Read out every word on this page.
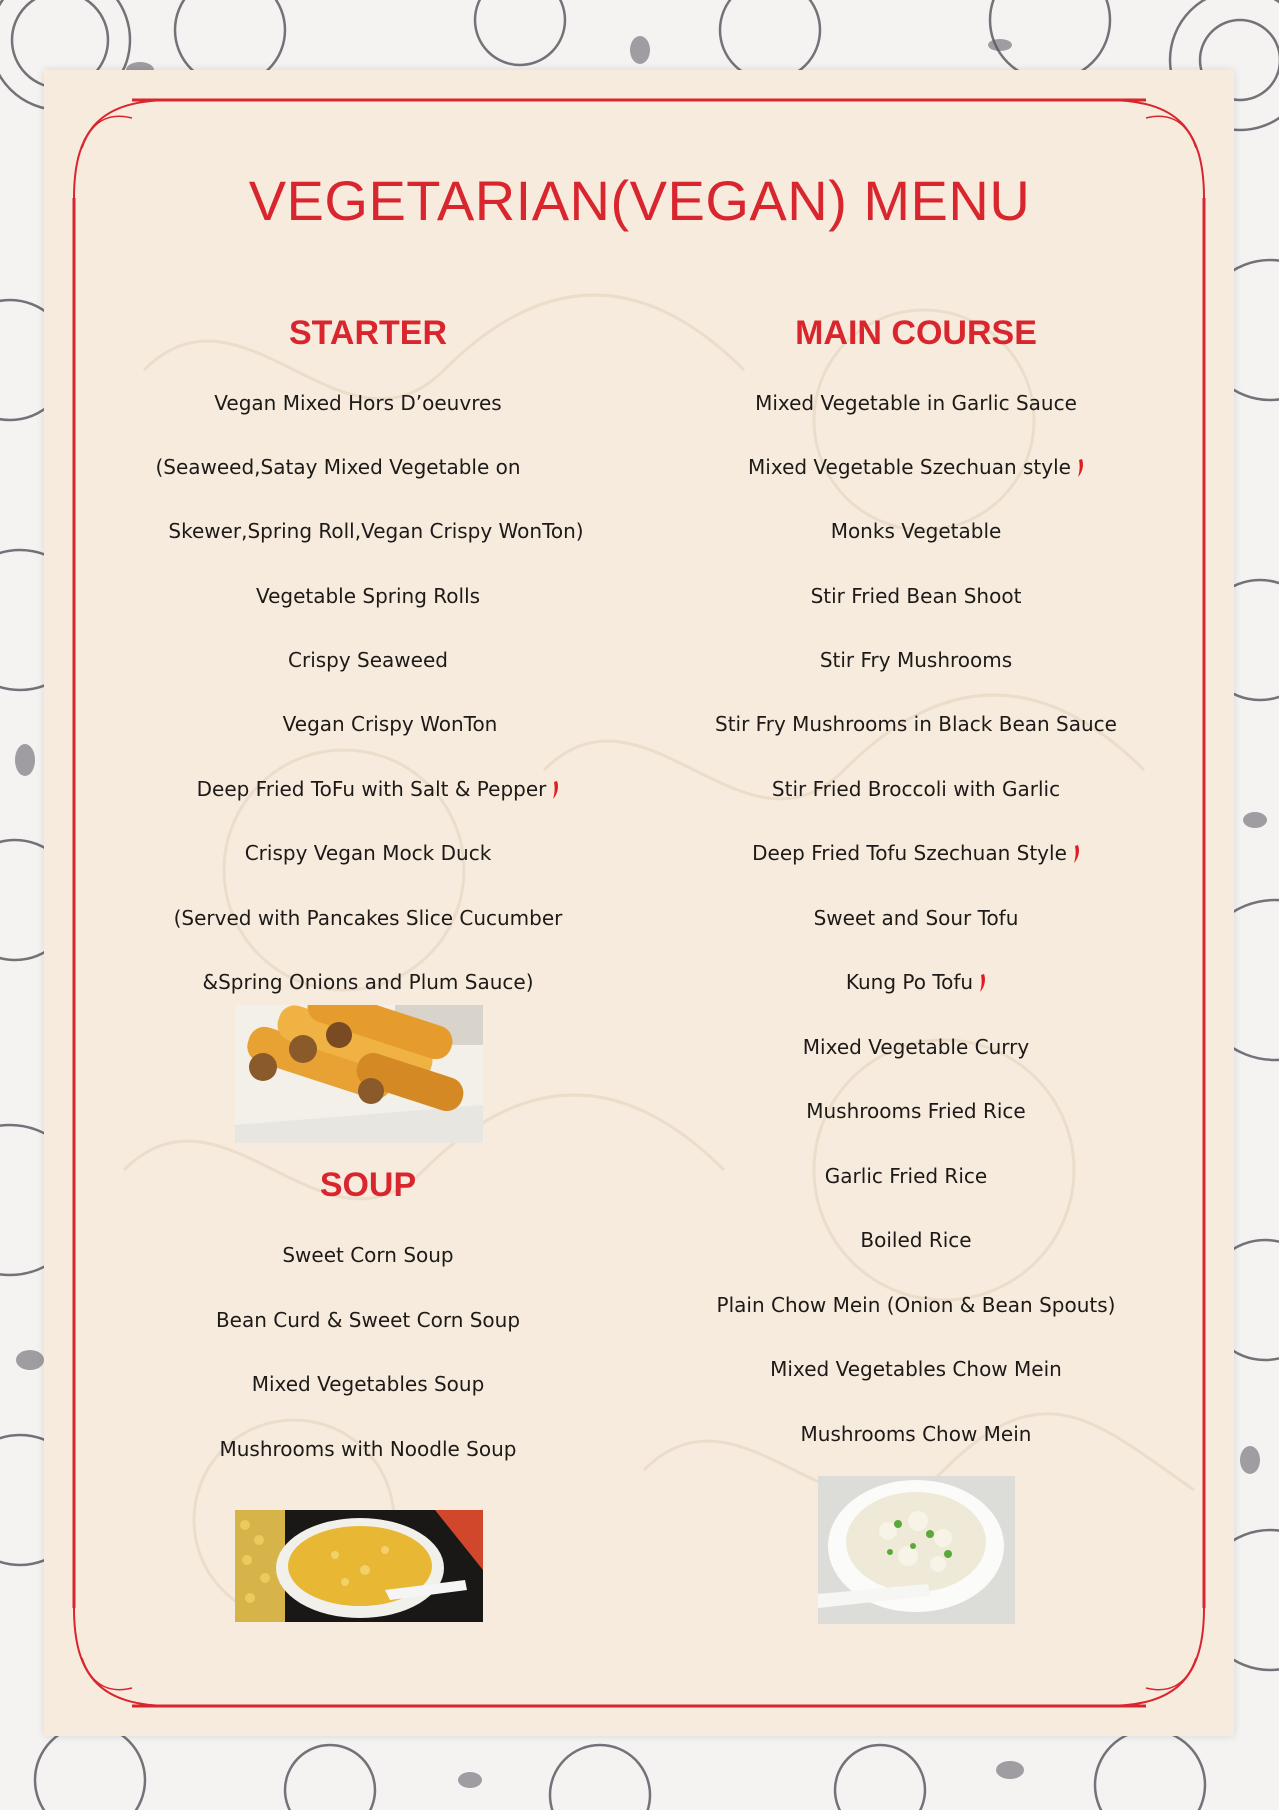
VEGETARIAN(VEGAN) MENU
STARTER
Vegan Mixed Hors D’oeuvres
(Seaweed,Satay Mixed Vegetable on
Skewer,Spring Roll,Vegan Crispy WonTon)
Vegetable Spring Rolls
Crispy Seaweed
Vegan Crispy WonTon
Deep Fried ToFu with Salt & Pepper
Crispy Vegan Mock Duck
(Served with Pancakes Slice Cucumber
&Spring Onions and Plum Sauce)
SOUP
Sweet Corn Soup
Bean Curd & Sweet Corn Soup
Mixed Vegetables Soup
Mushrooms with Noodle Soup
MAIN COURSE
Mixed Vegetable in Garlic Sauce
Mixed Vegetable Szechuan style
Monks Vegetable
Stir Fried Bean Shoot
Stir Fry Mushrooms
Stir Fry Mushrooms in Black Bean Sauce
Stir Fried Broccoli with Garlic
Deep Fried Tofu Szechuan Style
Sweet and Sour Tofu
Kung Po Tofu
Mixed Vegetable Curry
Mushrooms Fried Rice
Garlic Fried Rice
Boiled Rice
Plain Chow Mein (Onion & Bean Spouts)
Mixed Vegetables Chow Mein
Mushrooms Chow Mein
